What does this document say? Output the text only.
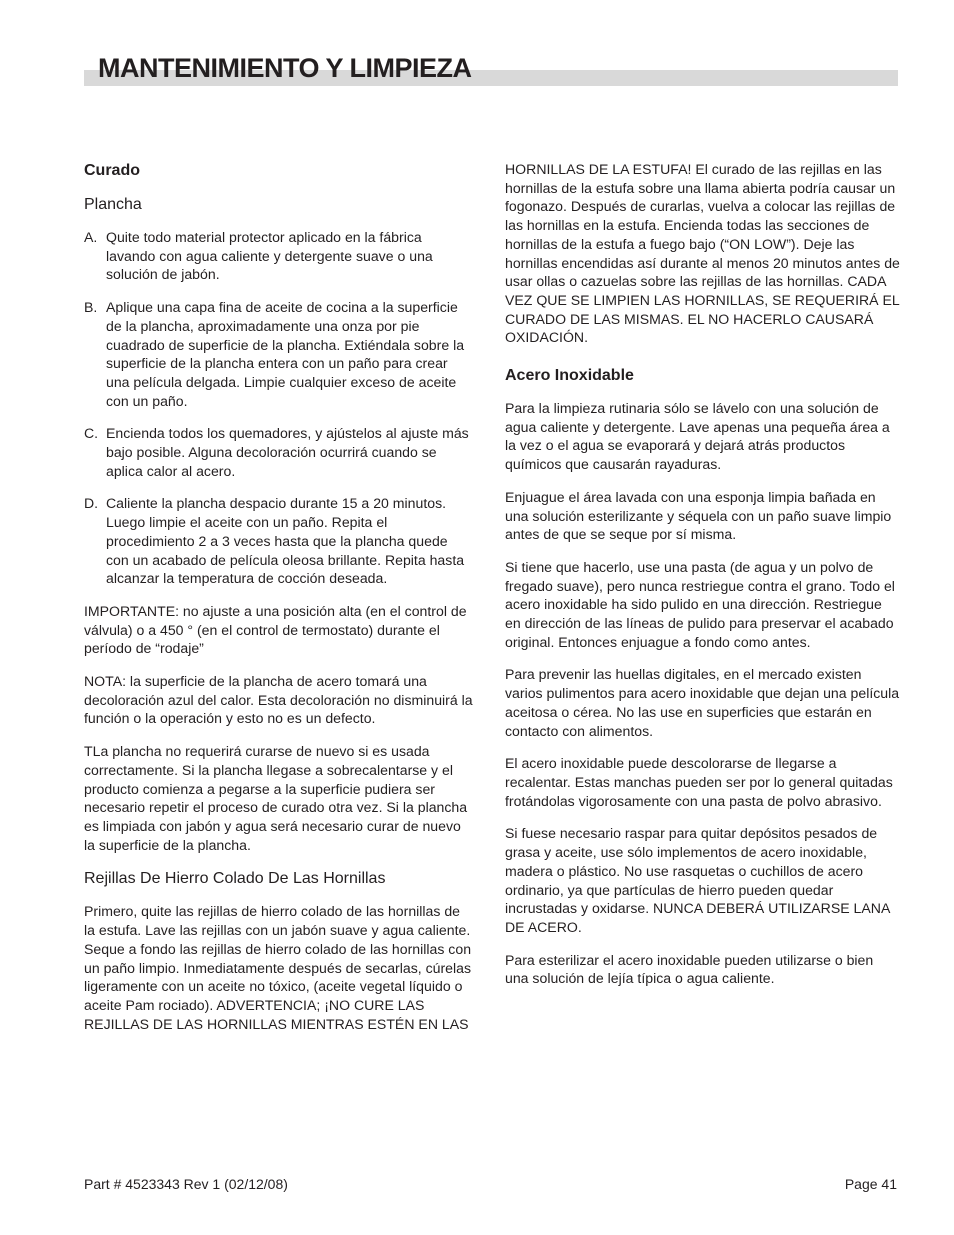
MANTENIMIENTO Y LIMPIEZA
Curado
Plancha
A. Quite todo material protector aplicado en la fábrica lavando con agua caliente y detergente suave o una solución de jabón.
B. Aplique una capa fina de aceite de cocina a la superficie de la plancha, aproximadamente una onza por pie cuadrado de superficie de la plancha. Extiéndala sobre la superficie de la plancha entera con un paño para crear una película delgada. Limpie cualquier exceso de aceite con un paño.
C. Encienda todos los quemadores, y ajústelos al ajuste más bajo posible. Alguna decoloración ocurrirá cuando se aplica calor al acero.
D. Caliente la plancha despacio durante 15 a 20 minutos. Luego limpie el aceite con un paño. Repita el procedimiento 2 a 3 veces hasta que la plancha quede con un acabado de película oleosa brillante. Repita hasta alcanzar la temperatura de cocción deseada.

IMPORTANTE: no ajuste a una posición alta (en el control de válvula) o a 450 ° (en el control de termostato) durante el período de “rodaje”

NOTA: la superficie de la plancha de acero tomará una decoloración azul del calor. Esta decoloración no disminuirá la función o la operación y esto no es un defecto.

TLa plancha no requerirá curarse de nuevo si es usada correctamente. Si la plancha llegase a sobrecalentarse y el producto comienza a pegarse a la superficie pudiera ser necesario repetir el proceso de curado otra vez. Si la plancha es limpiada con jabón y agua será necesario curar de nuevo la superficie de la plancha.

Rejillas De Hierro Colado De Las Hornillas

Primero, quite las rejillas de hierro colado de las hornillas de la estufa. Lave las rejillas con un jabón suave y agua caliente. Seque a fondo las rejillas de hierro colado de las hornillas con un paño limpio. Inmediatamente después de secarlas, cúrelas ligeramente con un aceite no tóxico, (aceite vegetal líquido o aceite Pam rociado). ADVERTENCIA; ¡NO CURE LAS REJILLAS DE LAS HORNILLAS MIENTRAS ESTÉN EN LAS

HORNILLAS DE LA ESTUFA! El curado de las rejillas en las hornillas de la estufa sobre una llama abierta podría causar un fogonazo. Después de curarlas, vuelva a colocar las rejillas de las hornillas en la estufa. Encienda todas las secciones de hornillas de la estufa a fuego bajo (“ON LOW”). Deje las hornillas encendidas así durante al menos 20 minutos antes de usar ollas o cazuelas sobre las rejillas de las hornillas. CADA VEZ QUE SE LIMPIEN LAS HORNILLAS, SE REQUERIRÁ EL CURADO DE LAS MISMAS. EL NO HACERLO CAUSARÁ OXIDACIÓN.

Acero Inoxidable

Para la limpieza rutinaria sólo se lávelo con una solución de agua caliente y detergente. Lave apenas una pequeña área a la vez o el agua se evaporará y dejará atrás productos químicos que causarán rayaduras.

Enjuague el área lavada con una esponja limpia bañada en una solución esterilizante y séquela con un paño suave limpio antes de que se seque por sí misma.

Si tiene que hacerlo, use una pasta (de agua y un polvo de fregado suave), pero nunca restriegue contra el grano. Todo el acero inoxidable ha sido pulido en una dirección. Restriegue en dirección de las líneas de pulido para preservar el acabado original. Entonces enjuague a fondo como antes.

Para prevenir las huellas digitales, en el mercado existen varios pulimentos para acero inoxidable que dejan una película aceitosa o cérea. No las use en superficies que estarán en contacto con alimentos.

El acero inoxidable puede descolorarse de llegarse a recalentar. Estas manchas pueden ser por lo general quitadas frotándolas vigorosamente con una pasta de polvo abrasivo.

Si fuese necesario raspar para quitar depósitos pesados de grasa y aceite, use sólo implementos de acero inoxidable, madera o plástico. No use rasquetas o cuchillos de acero ordinario, ya que partículas de hierro pueden quedar incrustadas y oxidarse. NUNCA DEBERÁ UTILIZARSE LANA DE ACERO.

Para esterilizar el acero inoxidable pueden utilizarse o bien una solución de lejía típica o agua caliente.

Part # 4523343 Rev 1 (02/12/08)	Page 41
